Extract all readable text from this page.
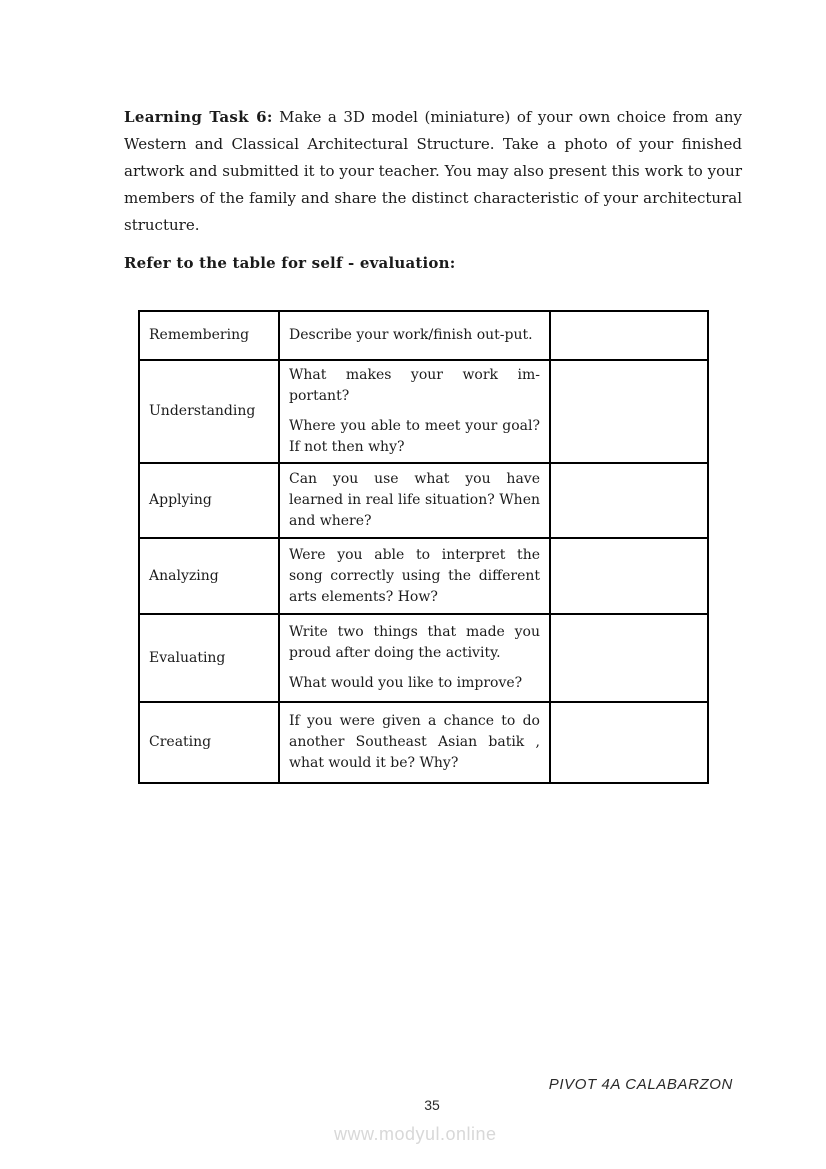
Learning Task 6: Make a 3D model (miniature) of your own choice from any Western and Classical Architectural Structure. Take a photo of your finished artwork and submitted it to your teacher. You may also present this work to your members of the family and share the distinct characteristic of your architectural structure.
Refer to the table for self - evaluation:
Remembering	Describe your work/finish out-put.	

Understanding	What makes your work im-portant?

Where you able to meet your goal? If not then why?	

Applying	Can you use what you have learned in real life situation? When and where?	

Analyzing	Were you able to interpret the song correctly using the different arts elements? How?	

Evaluating	Write two things that made you proud after doing the activity.

What would you like to improve?	

Creating	If you were given a chance to do another Southeast Asian batik , what would it be? Why?	

PIVOT 4A CALABARZON
35
www.modyul.online
